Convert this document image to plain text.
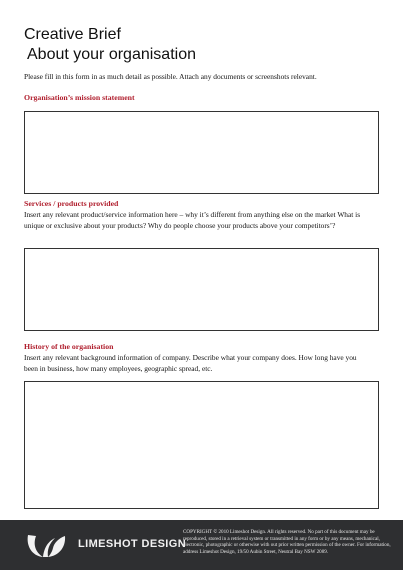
Creative Brief
About your organisation
Please fill in this form in as much detail as possible. Attach any documents or screenshots relevant.
Organisation’s mission statement
Services / products provided
Insert any relevant product/service information here – why it’s different from anything else on the market What is unique or exclusive about your products? Why do people choose your products above your competitors’?
History of the organisation
Insert any relevant background information of company. Describe what your company does. How long have you been in business, how many employees, geographic spread, etc.
LIMESHOT DESIGN
COPYRIGHT © 2010 Limeshot Design. All rights reserved. No part of this document may be reproduced, stored in a retrieval system or transmitted in any form or by any means, mechanical, electronic, photographic or otherwise with out prior written permission of the owner. For information, address Limeshot Design, 19/50 Aubin Street, Neutral Bay NSW 2089.
